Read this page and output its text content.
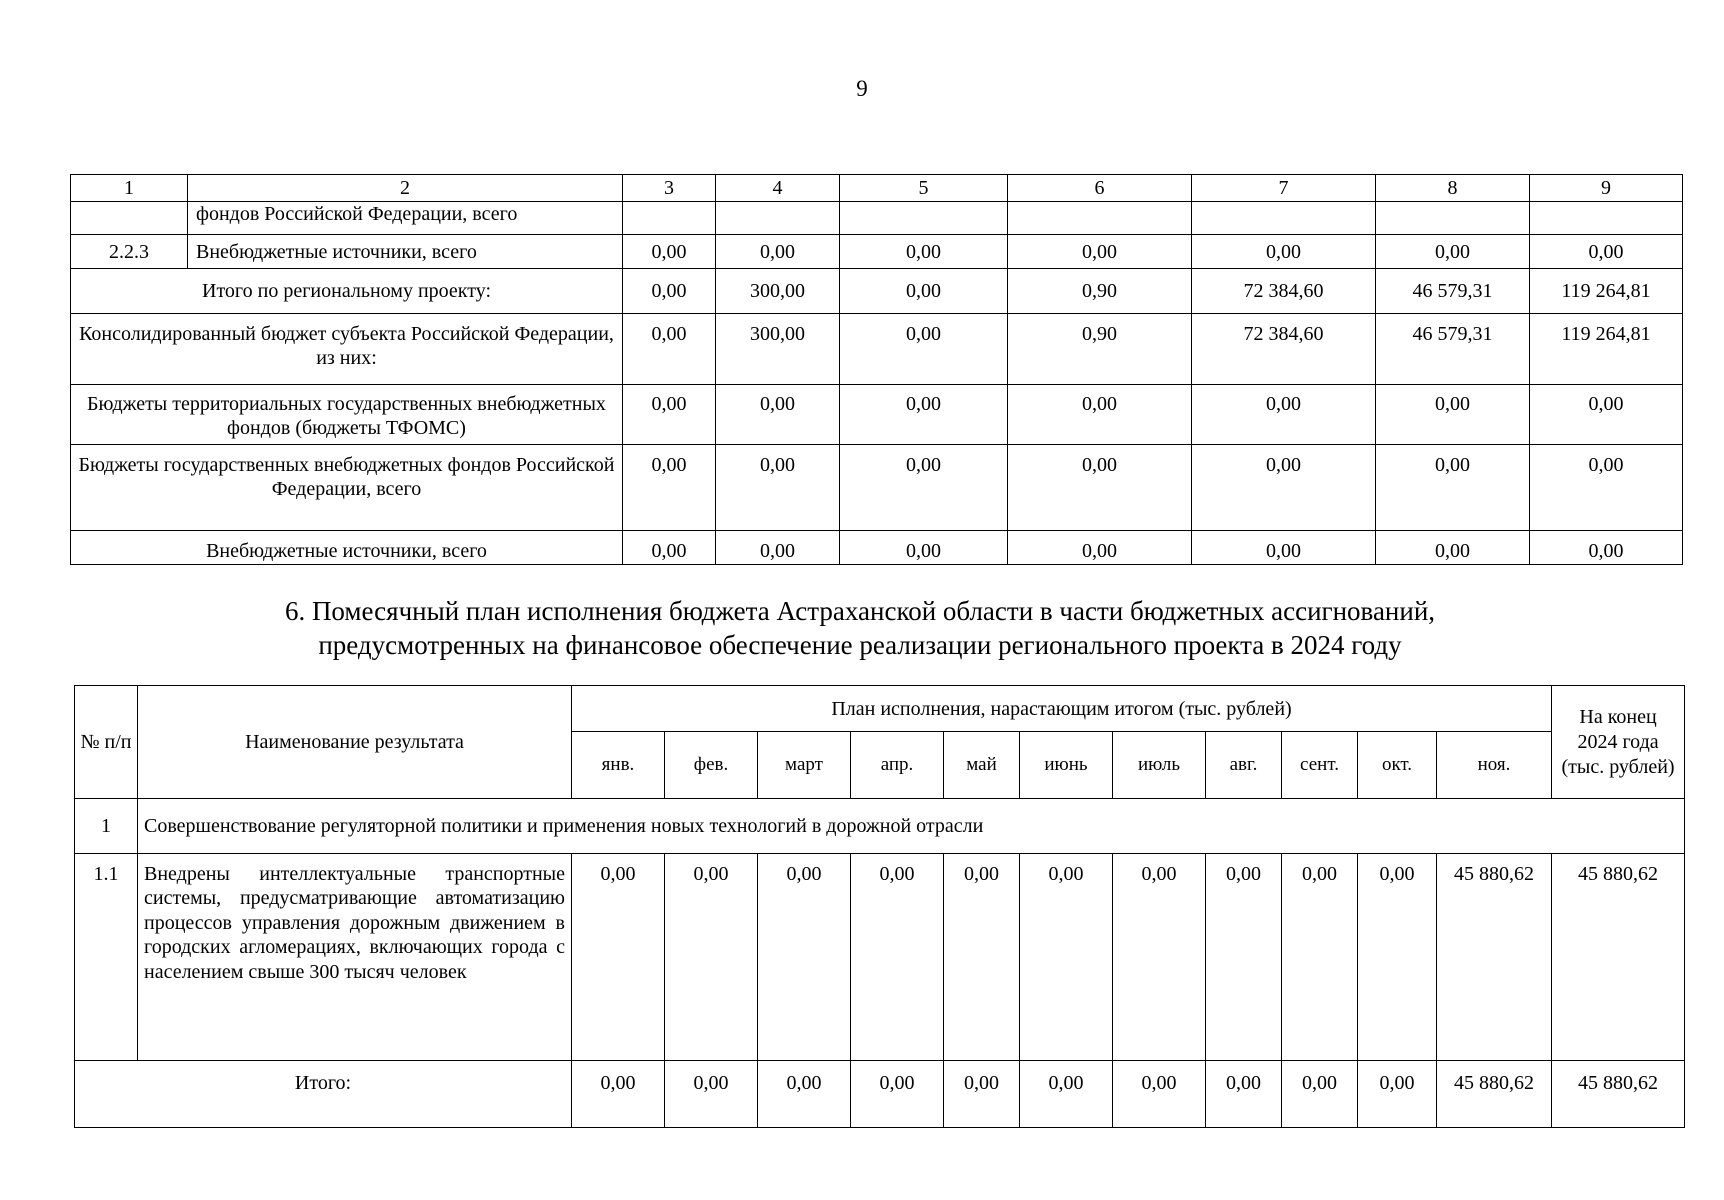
9
1	2	3	4	5	6	7	8	9
	фондов Российской Федерации, всего							
2.2.3	Внебюджетные источники, всего	0,00	0,00	0,00	0,00	0,00	0,00	0,00
Итого по региональному проекту:		0,00	300,00	0,00	0,90	72 384,60	46 579,31	119 264,81
Консолидированный бюджет субъекта Российской Федерации, из них:		0,00	300,00	0,00	0,90	72 384,60	46 579,31	119 264,81
Бюджеты территориальных государственных внебюджетных фондов (бюджеты ТФОМС)		0,00	0,00	0,00	0,00	0,00	0,00	0,00
Бюджеты государственных внебюджетных фондов Российской Федерации, всего		0,00	0,00	0,00	0,00	0,00	0,00	0,00
Внебюджетные источники, всего		0,00	0,00	0,00	0,00	0,00	0,00	0,00
6. Помесячный план исполнения бюджета Астраханской области в части бюджетных ассигнований,
предусмотренных на финансовое обеспечение реализации регионального проекта в 2024 году
№ п/п	Наименование результата	План исполнения, нарастающим итогом (тыс. рублей)											На конец
2024 года
(тыс. рублей)

		янв.	фев.	март	апр.	май	июнь	июль	авг.	сент.	окт.	ноя.	
1	Совершенствование регуляторной политики и применения новых технологий в дорожной отрасли												
1.1	Внедрены интеллектуальные транспортные системы, предусматривающие автоматизацию процессов управления дорожным движением в городских агломерациях, включающих города с населением свыше 300 тысяч человек	0,00	0,00	0,00	0,00	0,00	0,00	0,00	0,00	0,00	0,00	45 880,62	45 880,62
Итого:		0,00	0,00	0,00	0,00	0,00	0,00	0,00	0,00	0,00	0,00	45 880,62	45 880,62
